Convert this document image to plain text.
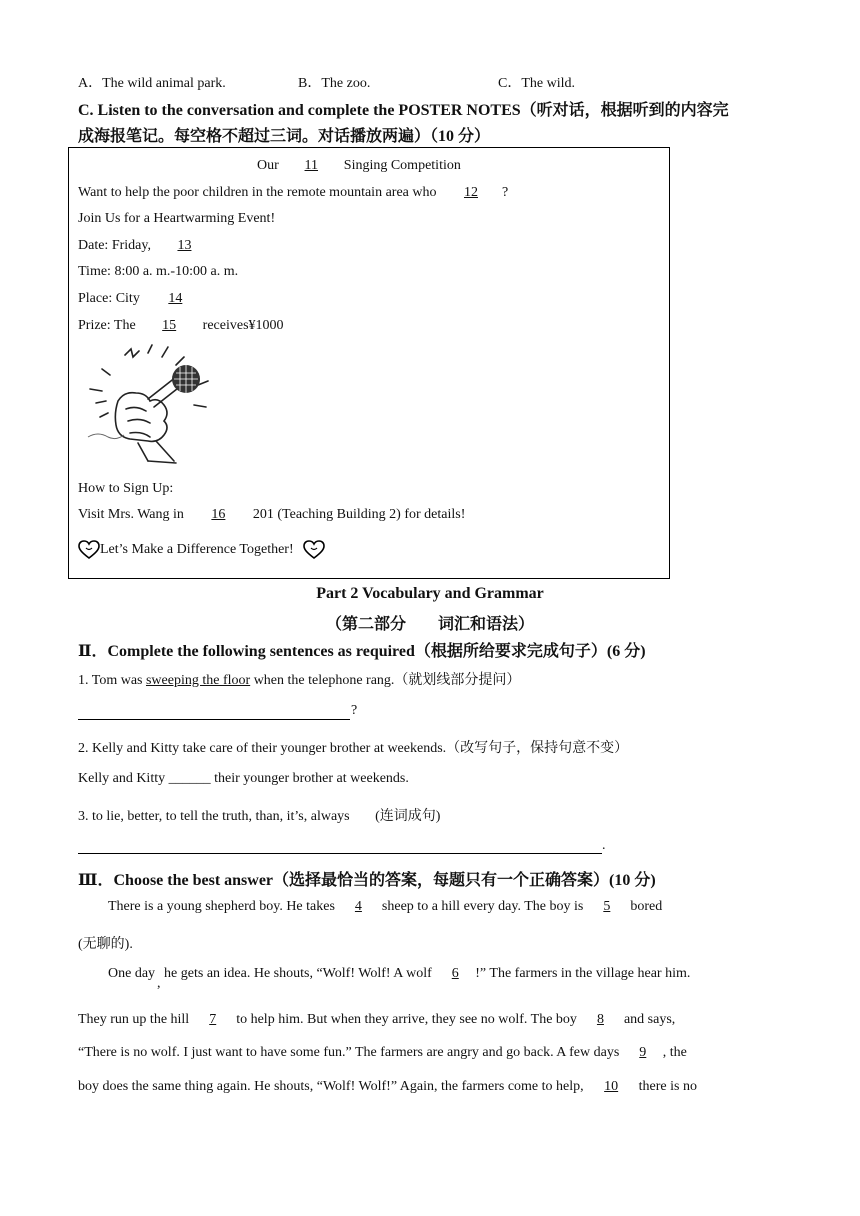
A．The wild animal park.	B．The zoo.	C．The wild.
C. Listen to the conversation and complete the POSTER NOTES（听对话，根据听到的内容完
成海报笔记。每空格不超过三词。对话播放两遍）（10 分）
Our 11 Singing Competition
Want to help the poor children in the remote mountain area who 12 ?
Join Us for a Heartwarming Event!
Date: Friday, 13
Time: 8:00 a. m.-10:00 a. m.
Place: City 14
Prize: The 15 receives¥1000
How to Sign Up:
Visit Mrs. Wang in 16 201 (Teaching Building 2) for details!
Let’s Make a Difference Together!
Part 2 Vocabulary and Grammar
（第二部分　　词汇和语法）
Ⅱ．Complete the following sentences as required（根据所给要求完成句子）(6 分)
1. Tom was sweeping the floor when the telephone rang.（就划线部分提问）
?
2. Kelly and Kitty take care of their younger brother at weekends.（改写句子，保持句意不变）
Kelly and Kitty ______ their younger brother at weekends.
3. to lie, better, to tell the truth, than, it’s, always (连词成句)
.
Ⅲ．Choose the best answer（选择最恰当的答案，每题只有一个正确答案）(10 分)
There is a young shepherd boy. He takes 4 sheep to a hill every day. The boy is 5 bored
(无聊的).
One day, he gets an idea. He shouts, “Wolf! Wolf! A wolf 6 !” The farmers in the village hear him.
They run up the hill 7 to help him. But when they arrive, they see no wolf. The boy 8 and says,
“There is no wolf. I just want to have some fun.” The farmers are angry and go back. A few days 9 , the
boy does the same thing again. He shouts, “Wolf! Wolf!” Again, the farmers come to help, 10 there is no
